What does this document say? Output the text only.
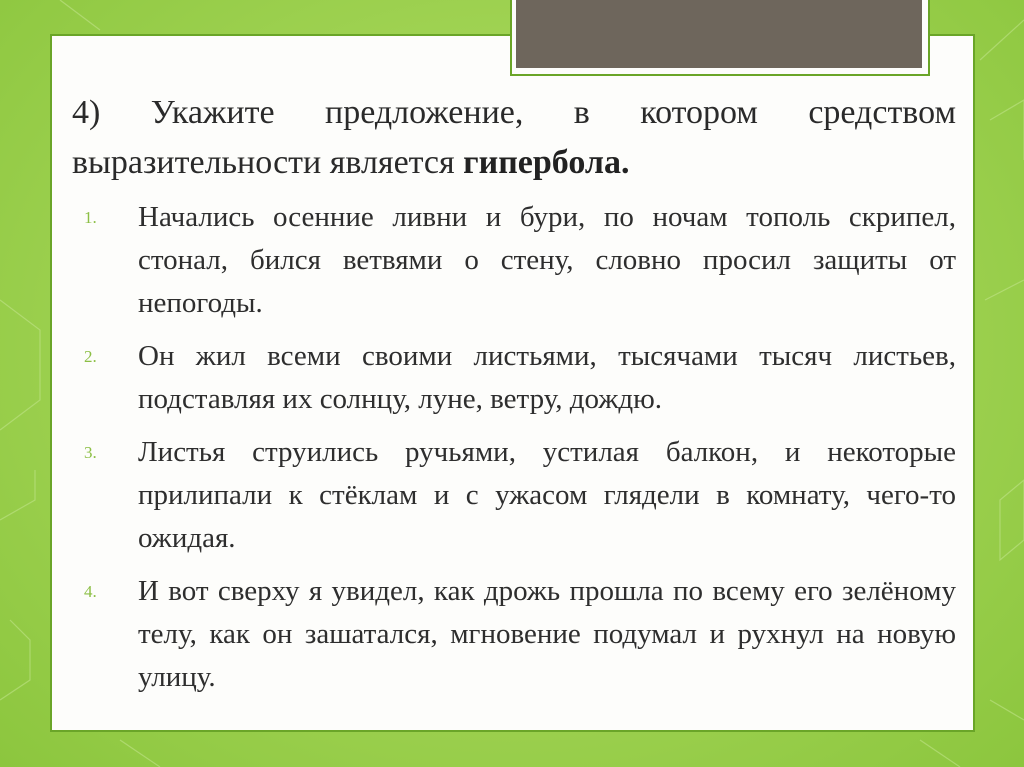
4) Укажите предложение, в котором средством выразительности является гипербола.

1. Начались осенние ливни и бури, по ночам тополь скрипел, стонал, бился ветвями о стену, словно просил защиты от непогоды.
2. Он жил всеми своими листьями, тысячами тысяч листьев, подставляя их солнцу, луне, ветру, дождю.
3. Листья струились ручьями, устилая балкон, и некоторые прилипали к стёклам и с ужасом глядели в комнату, чего-то ожидая.
4. И вот сверху я увидел, как дрожь прошла по всему его зелёному телу, как он зашатался, мгновение подумал и рухнул на новую улицу.
